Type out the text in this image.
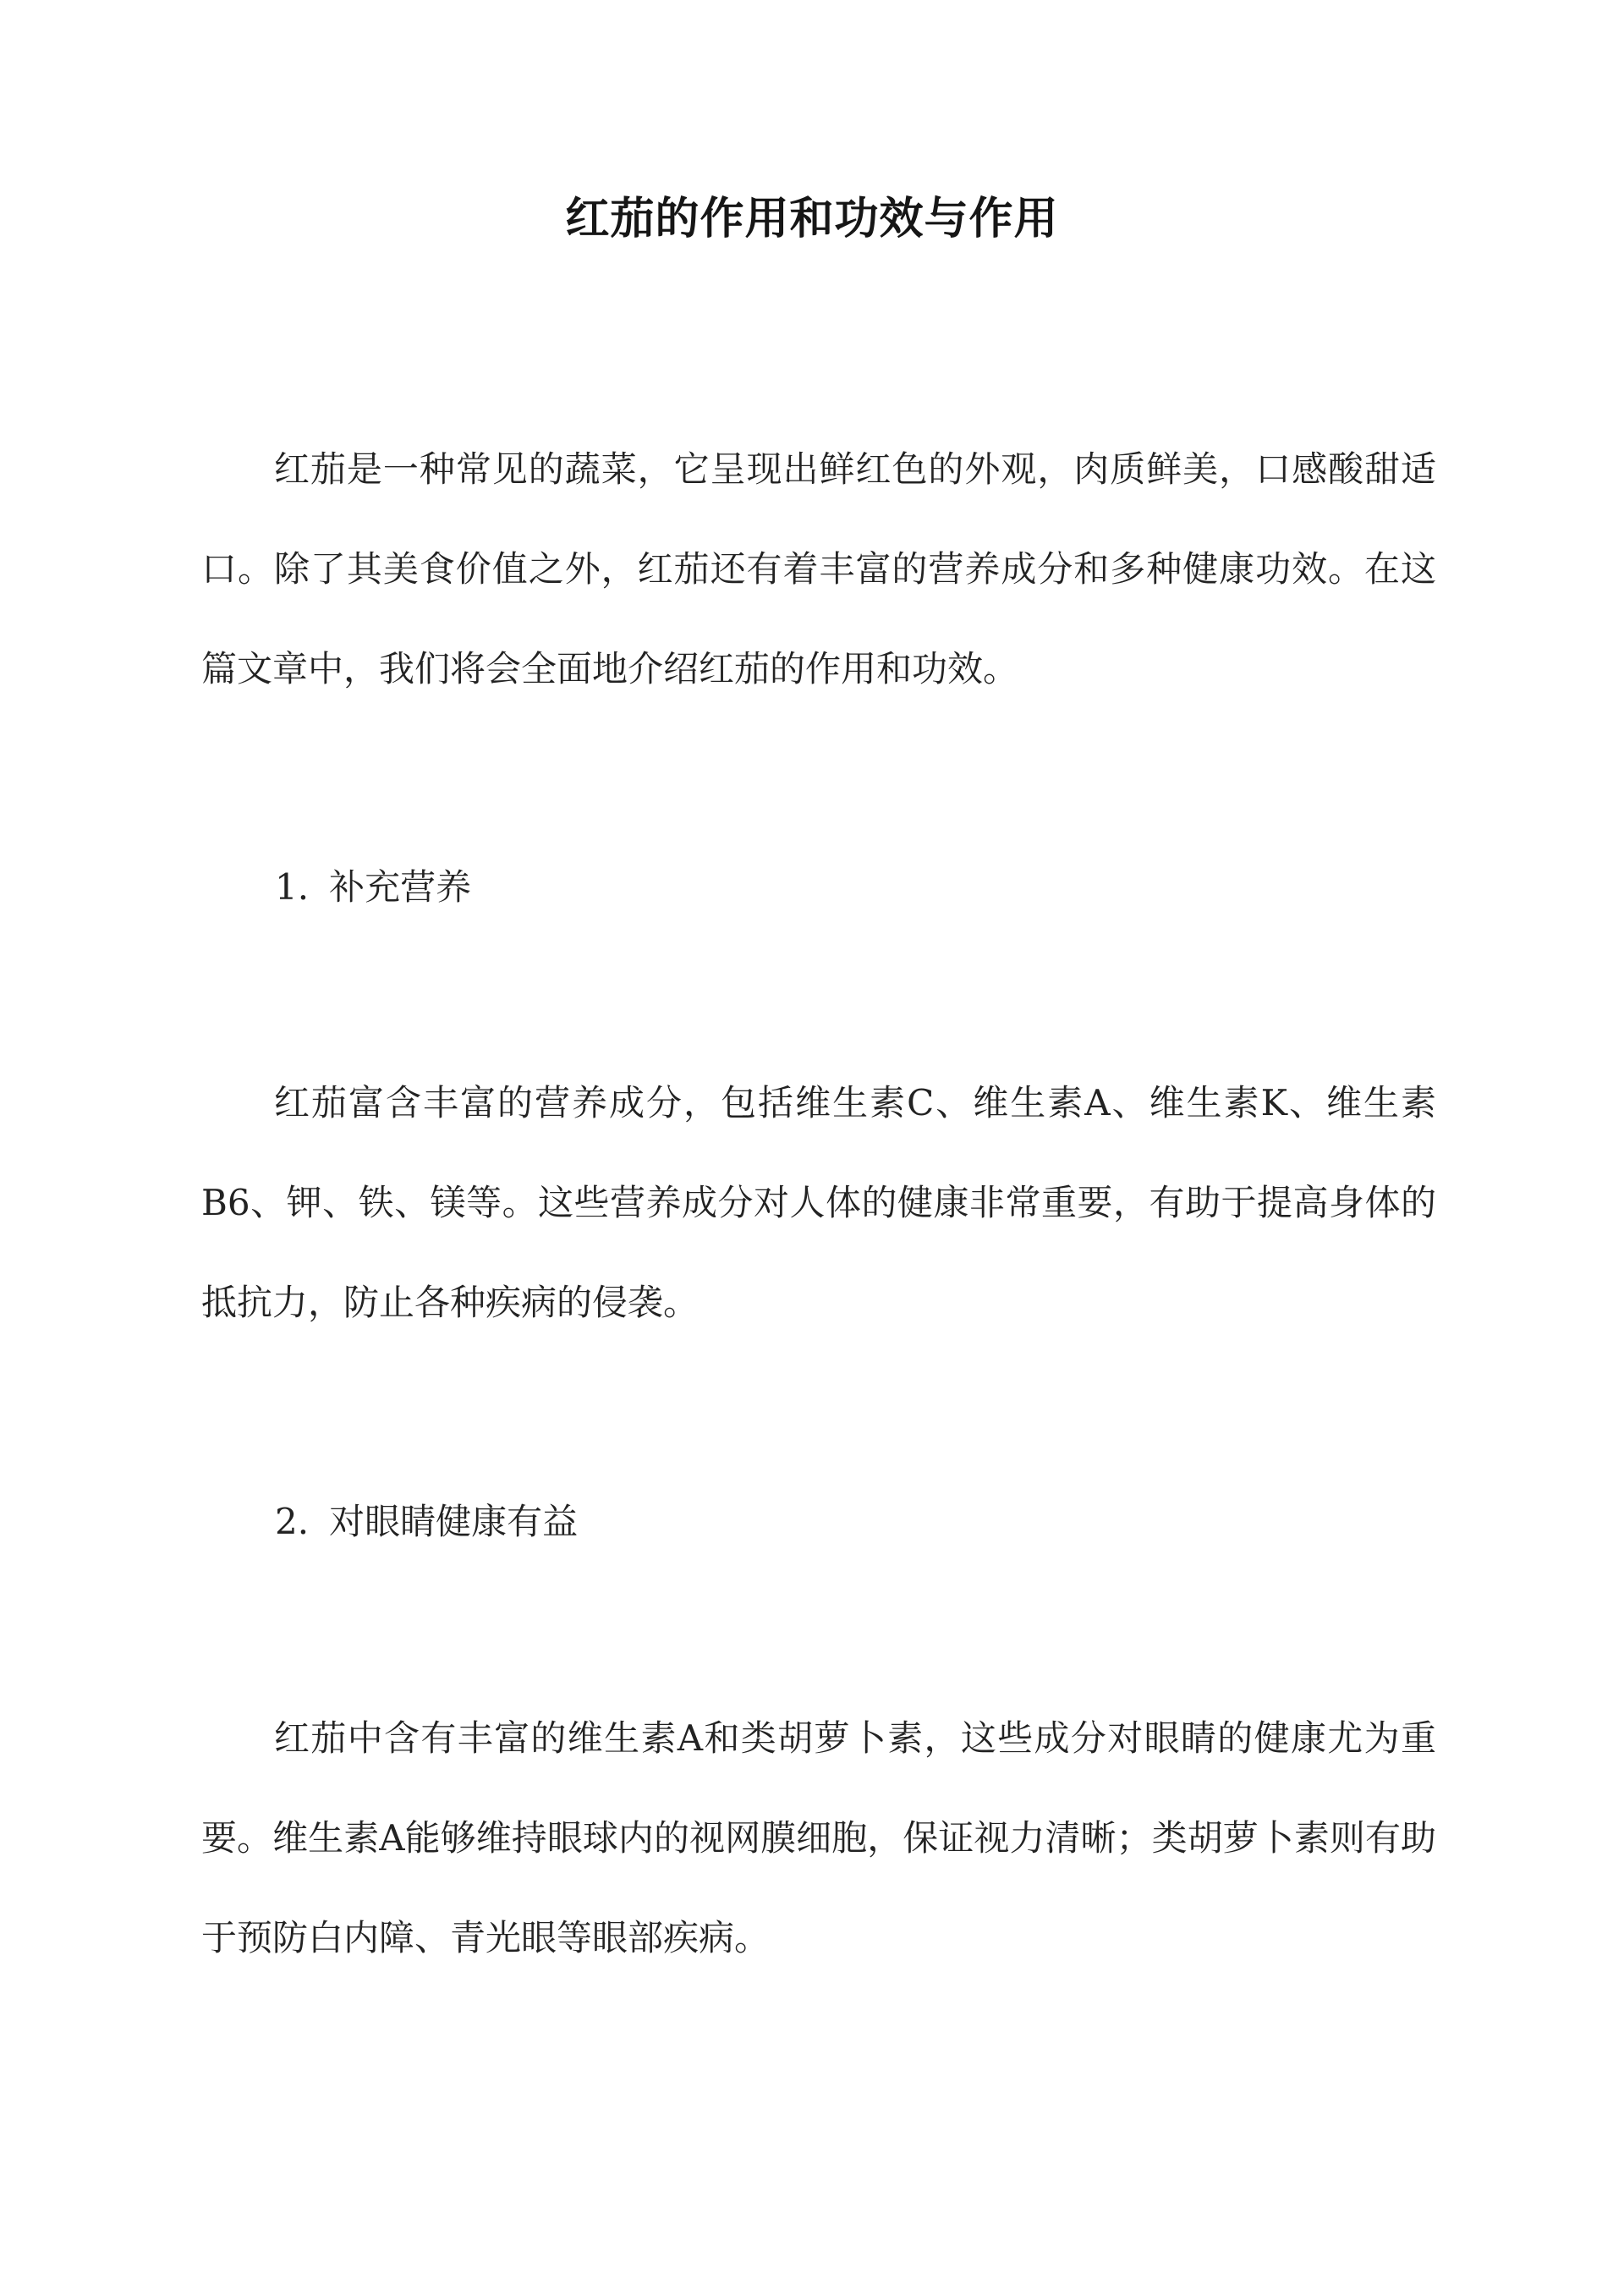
红茄的作用和功效与作用
红茄是一种常见的蔬菜，它呈现出鲜红色的外观，肉质鲜美，口感酸甜适口。除了其美食价值之外，红茄还有着丰富的营养成分和多种健康功效。在这篇文章中，我们将会全面地介绍红茄的作用和功效。
1. 补充营养
红茄富含丰富的营养成分，包括维生素C、维生素A、维生素K、维生素B6、钾、铁、镁等。这些营养成分对人体的健康非常重要，有助于提高身体的抵抗力，防止各种疾病的侵袭。
2. 对眼睛健康有益
红茄中含有丰富的维生素A和类胡萝卜素，这些成分对眼睛的健康尤为重要。维生素A能够维持眼球内的视网膜细胞，保证视力清晰；类胡萝卜素则有助于预防白内障、青光眼等眼部疾病。
